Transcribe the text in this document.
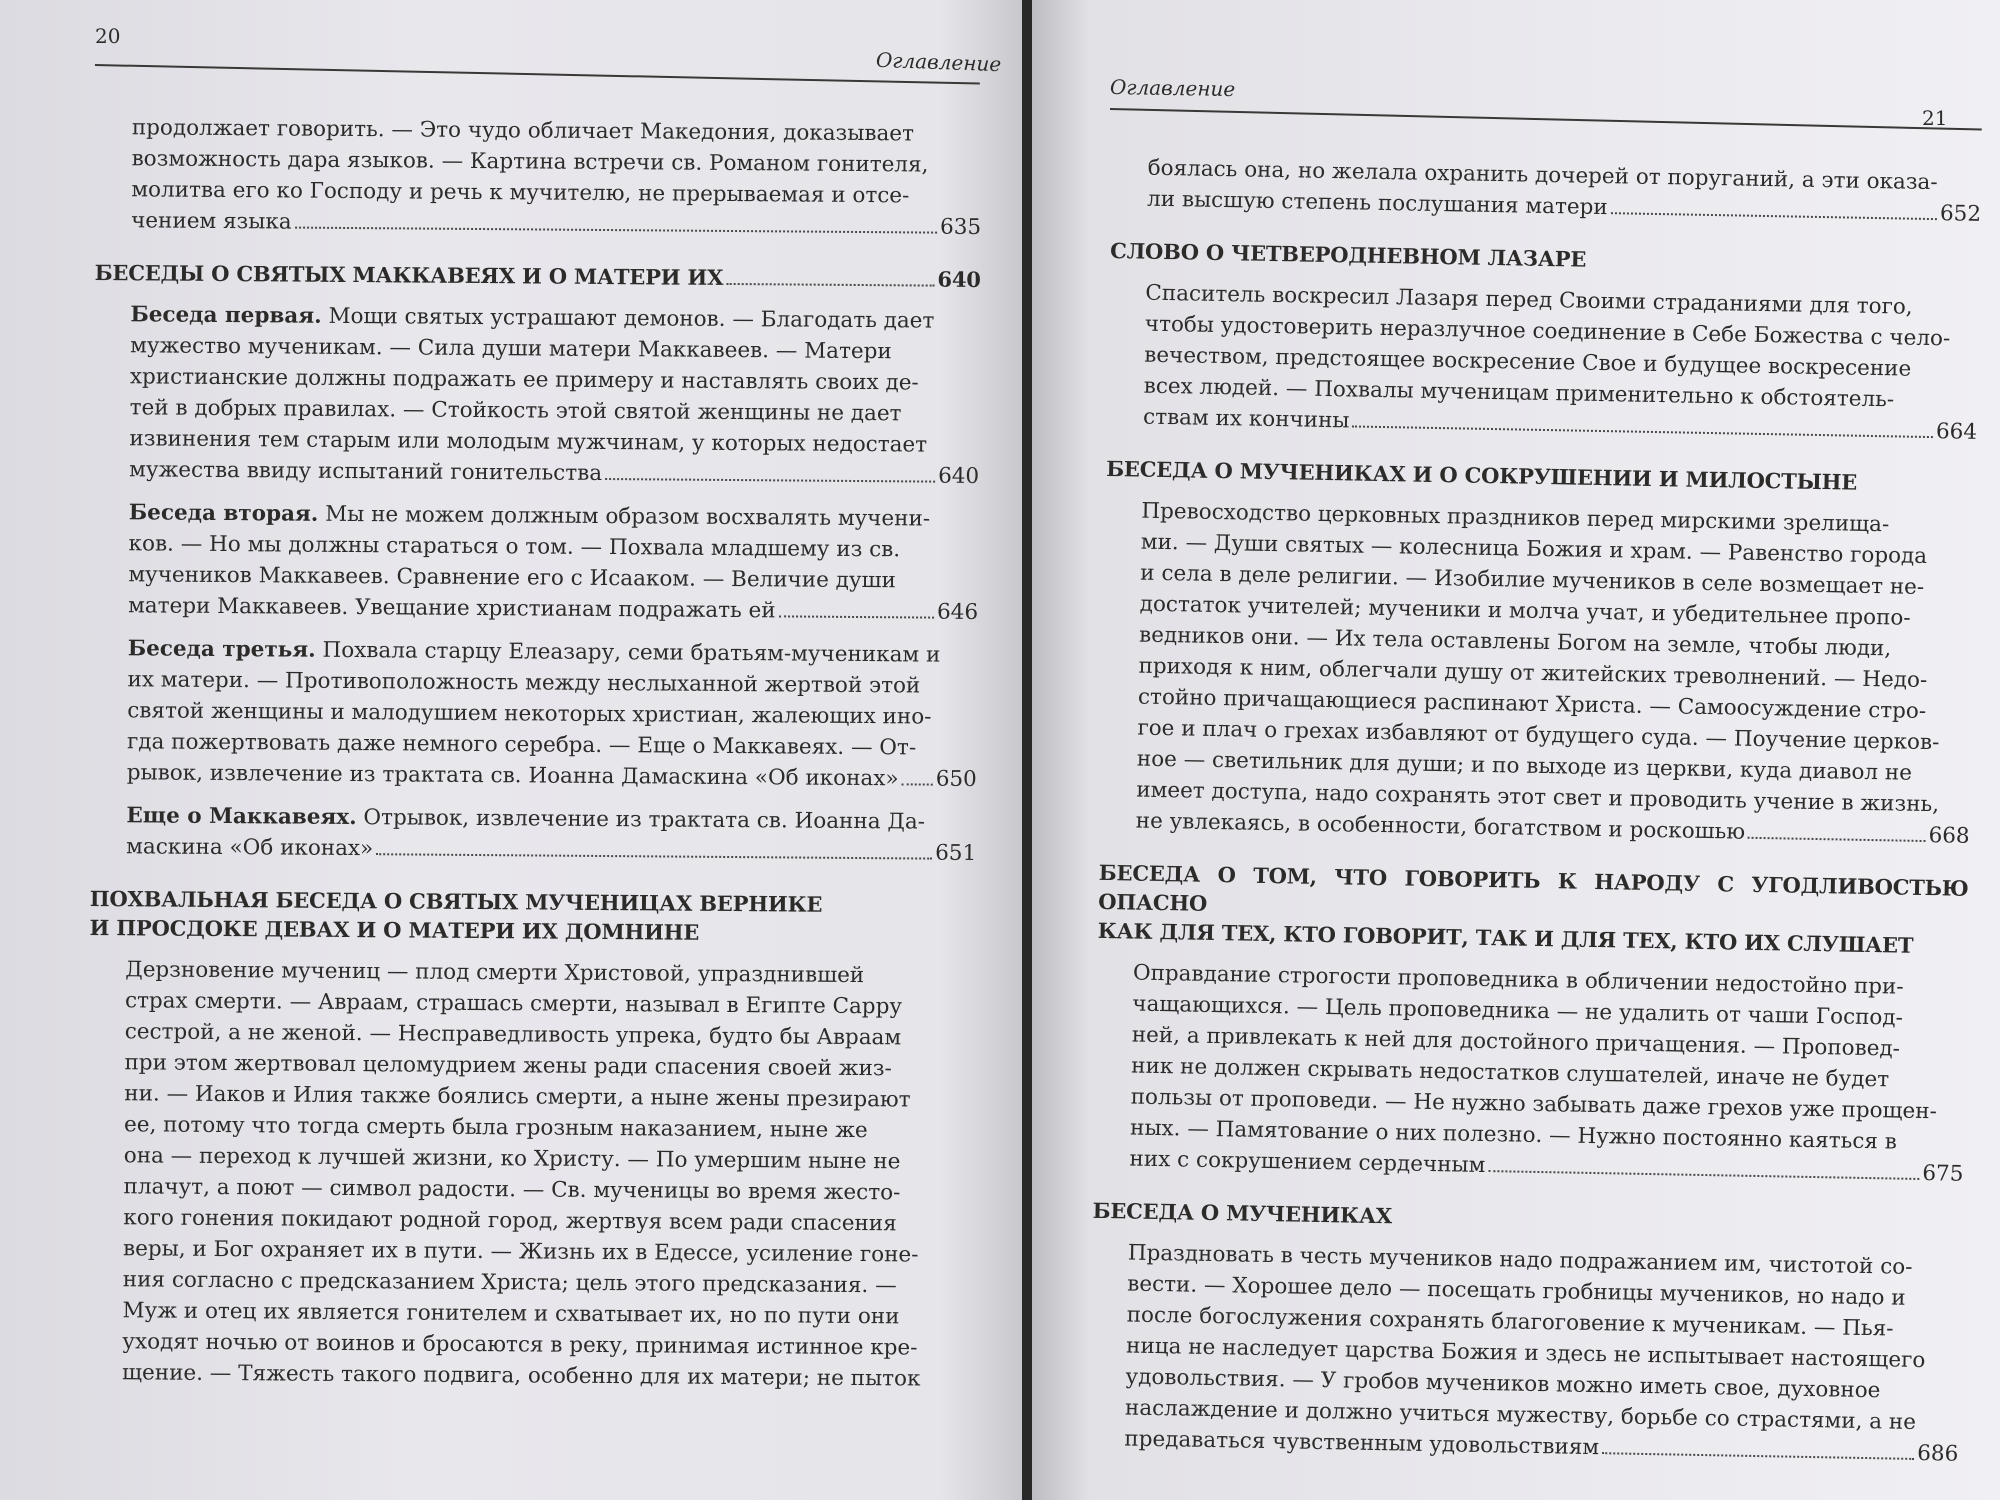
20
Оглавление

продолжает говорить. — Это чудо обличает Македония, доказывает

возможность дара языков. — Картина встречи св. Романом гонителя,

молитва его ко Господу и речь к мучителю, не прерываемая и отсе-

чением языка	635
БЕСЕДЫ О СВЯТЫХ МАККАВЕЯХ И О МАТЕРИ ИХ	640

Беседа первая. Мощи святых устрашают демонов. — Благодать дает

мужество мученикам. — Сила души матери Маккавеев. — Матери

христианские должны подражать ее примеру и наставлять своих де-

тей в добрых правилах. — Стойкость этой святой женщины не дает

извинения тем старым или молодым мужчинам, у которых недостает

мужества ввиду испытаний гонительства	640

Беседа вторая. Мы не можем должным образом восхвалять мучени-

ков. — Но мы должны стараться о том. — Похвала младшему из св.

мучеников Маккавеев. Сравнение его с Исааком. — Величие души

матери Маккавеев. Увещание христианам подражать ей	646

Беседа третья. Похвала старцу Елеазару, семи братьям-мученикам и

их матери. — Противоположность между неслыханной жертвой этой

святой женщины и малодушием некоторых христиан, жалеющих ино-

гда пожертвовать даже немного серебра. — Еще о Маккавеях. — От-

рывок, извлечение из трактата св. Иоанна Дамаскина «Об иконах» 650

Еще о Маккавеях. Отрывок, извлечение из трактата св. Иоанна Да-

маскина «Об иконах»	651

ПОХВАЛЬНАЯ БЕСЕДА О СВЯТЫХ МУЧЕНИЦАХ ВЕРНИКЕ

И ПРОСДОКЕ ДЕВАХ И О МАТЕРИ ИХ ДОМНИНЕ

Дерзновение мучениц — плод смерти Христовой, упразднившей

страх смерти. — Авраам, страшась смерти, называл в Египте Сарру

сестрой, а не женой. — Несправедливость упрека, будто бы Авраам

при этом жертвовал целомудрием жены ради спасения своей жиз-

ни. — Иаков и Илия также боялись смерти, а ныне жены презирают

ее, потому что тогда смерть была грозным наказанием, ныне же

она — переход к лучшей жизни, ко Христу. — По умершим ныне не

плачут, а поют — символ радости. — Св. мученицы во время жесто-

кого гонения покидают родной город, жертвуя всем ради спасения

веры, и Бог охраняет их в пути. — Жизнь их в Едессе, усиление гоне-

ния согласно с предсказанием Христа; цель этого предсказания. —

Муж и отец их является гонителем и схватывает их, но по пути они

уходят ночью от воинов и бросаются в реку, принимая истинное кре-

щение. — Тяжесть такого подвига, особенно для их матери; не пыток

Оглавление
21

боялась она, но желала охранить дочерей от поруганий, а эти оказа-

ли высшую степень послушания матери	652

СЛОВО О ЧЕТВЕРОДНЕВНОМ ЛАЗАРЕ

Спаситель воскресил Лазаря перед Своими страданиями для того,

чтобы удостоверить неразлучное соединение в Себе Божества с чело-

вечеством, предстоящее воскресение Свое и будущее воскресение

всех людей. — Похвалы мученицам применительно к обстоятель-

ствам их кончины	664

БЕСЕДА О МУЧЕНИКАХ И О СОКРУШЕНИИ И МИЛОСТЫНЕ

Превосходство церковных праздников перед мирскими зрелища-

ми. — Души святых — колесница Божия и храм. — Равенство города

и села в деле религии. — Изобилие мучеников в селе возмещает не-

достаток учителей; мученики и молча учат, и убедительнее пропо-

ведников они. — Их тела оставлены Богом на земле, чтобы люди,

приходя к ним, облегчали душу от житейских треволнений. — Недо-

стойно причащающиеся распинают Христа. — Самоосуждение стро-

гое и плач о грехах избавляют от будущего суда. — Поучение церков-

ное — светильник для души; и по выходе из церкви, куда диавол не

имеет доступа, надо сохранять этот свет и проводить учение в жизнь,

не увлекаясь, в особенности, богатством и роскошью	668

БЕСЕДА О ТОМ, ЧТО ГОВОРИТЬ К НАРОДУ С УГОДЛИВОСТЬЮ ОПАСНО

КАК ДЛЯ ТЕХ, КТО ГОВОРИТ, ТАК И ДЛЯ ТЕХ, КТО ИХ СЛУШАЕТ

Оправдание строгости проповедника в обличении недостойно при-

чащающихся. — Цель проповедника — не удалить от чаши Господ-

ней, а привлекать к ней для достойного причащения. — Проповед-

ник не должен скрывать недостатков слушателей, иначе не будет

пользы от проповеди. — Не нужно забывать даже грехов уже прощен-

ных. — Памятование о них полезно. — Нужно постоянно каяться в

них с сокрушением сердечным	675

БЕСЕДА О МУЧЕНИКАХ

Праздновать в честь мучеников надо подражанием им, чистотой со-

вести. — Хорошее дело — посещать гробницы мучеников, но надо и

после богослужения сохранять благоговение к мученикам. — Пья-

ница не наследует царства Божия и здесь не испытывает настоящего

удовольствия. — У гробов мучеников можно иметь свое, духовное

наслаждение и должно учиться мужеству, борьбе со страстями, а не

предаваться чувственным удовольствиям	686
